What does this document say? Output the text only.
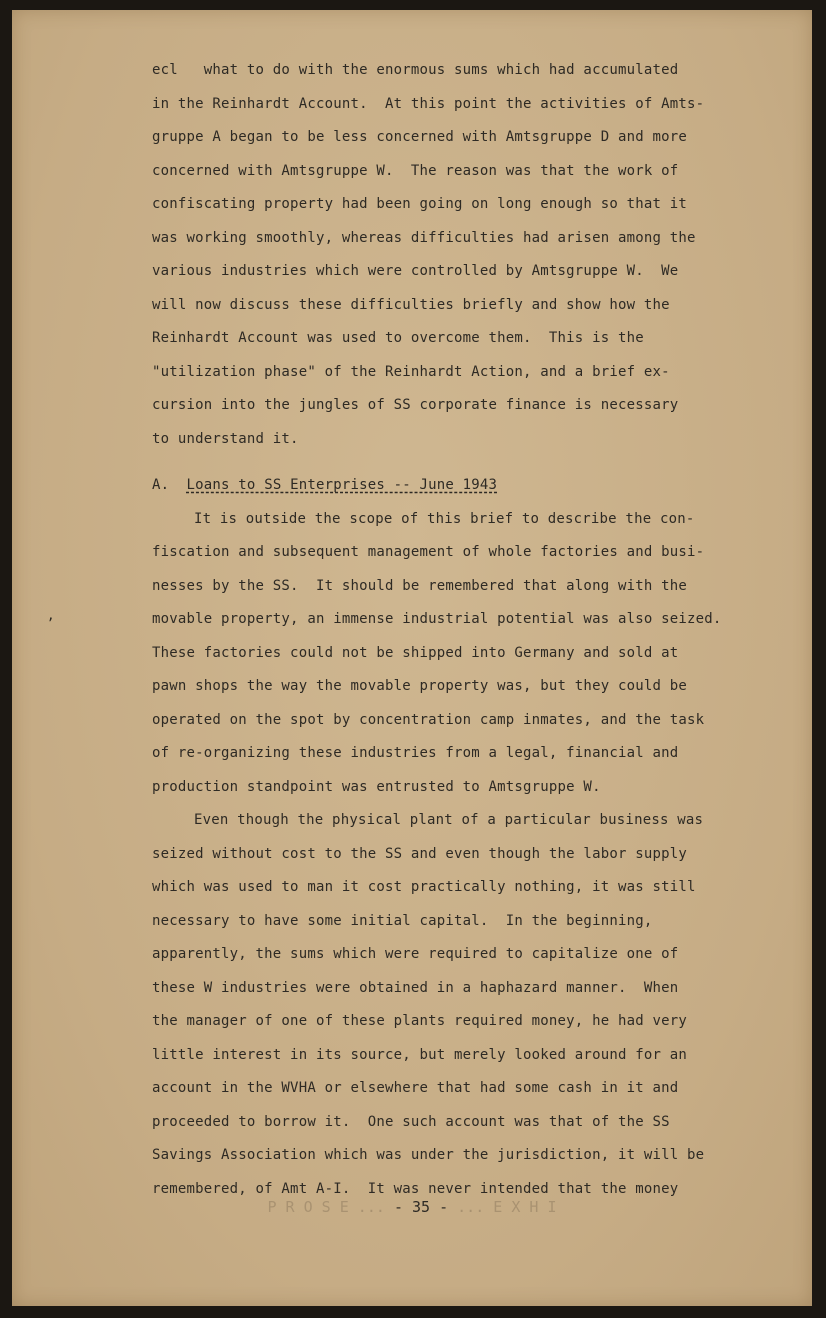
’
ecl   what to do with the enormous sums which had accumulated
in the Reinhardt Account.  At this point the activities of Amts-
gruppe A began to be less concerned with Amtsgruppe D and more
concerned with Amtsgruppe W.  The reason was that the work of
confiscating property had been going on long enough so that it
was working smoothly, whereas difficulties had arisen among the
various industries which were controlled by Amtsgruppe W.  We
will now discuss these difficulties briefly and show how the
Reinhardt Account was used to overcome them.  This is the
"utilization phase" of the Reinhardt Action, and a brief ex-
cursion into the jungles of SS corporate finance is necessary
to understand it.
A. Loans to SS Enterprises -- June 1943
It is outside the scope of this brief to describe the con-
fiscation and subsequent management of whole factories and busi-
nesses by the SS.  It should be remembered that along with the
movable property, an immense industrial potential was also seized.
These factories could not be shipped into Germany and sold at
pawn shops the way the movable property was, but they could be
operated on the spot by concentration camp inmates, and the task
of re-organizing these industries from a legal, financial and
production standpoint was entrusted to Amtsgruppe W.
Even though the physical plant of a particular business was
seized without cost to the SS and even though the labor supply
which was used to man it cost practically nothing, it was still
necessary to have some initial capital.  In the beginning,
apparently, the sums which were required to capitalize one of
these W industries were obtained in a haphazard manner.  When
the manager of one of these plants required money, he had very
little interest in its source, but merely looked around for an
account in the WVHA or elsewhere that had some cash in it and
proceeded to borrow it.  One such account was that of the SS
Savings Association which was under the jurisdiction, it will be
remembered, of Amt A-I.  It was never intended that the money
P R O S E ... - 35 - ... E X H I
